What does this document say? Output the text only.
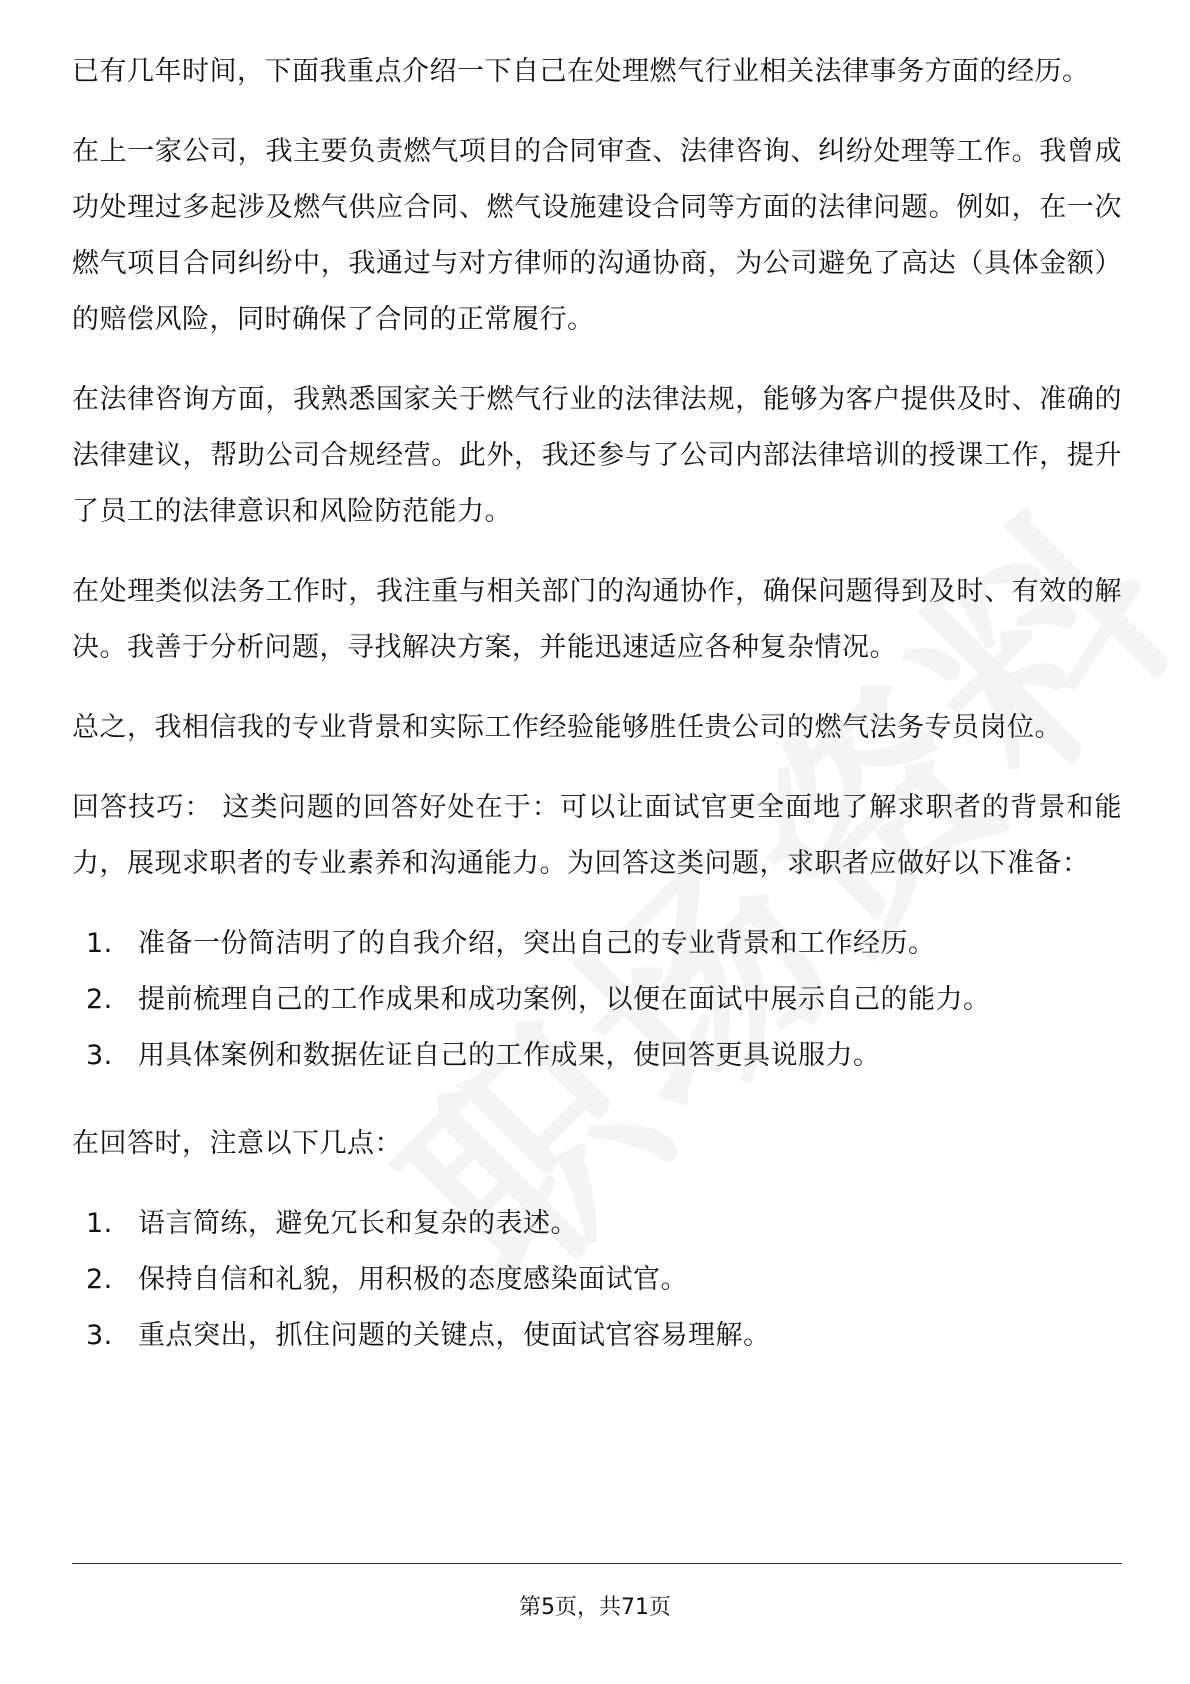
已有几年时间，下面我重点介绍一下自己在处理燃气行业相关法律事务方面的经历。

在上一家公司，我主要负责燃气项目的合同审查、法律咨询、纠纷处理等工作。我曾成功处理过多起涉及燃气供应合同、燃气设施建设合同等方面的法律问题。例如，在一次燃气项目合同纠纷中，我通过与对方律师的沟通协商，为公司避免了高达（具体金额）的赔偿风险，同时确保了合同的正常履行。

在法律咨询方面，我熟悉国家关于燃气行业的法律法规，能够为客户提供及时、准确的法律建议，帮助公司合规经营。此外，我还参与了公司内部法律培训的授课工作，提升了员工的法律意识和风险防范能力。

在处理类似法务工作时，我注重与相关部门的沟通协作，确保问题得到及时、有效的解决。我善于分析问题，寻找解决方案，并能迅速适应各种复杂情况。

总之，我相信我的专业背景和实际工作经验能够胜任贵公司的燃气法务专员岗位。

回答技巧： 这类问题的回答好处在于：可以让面试官更全面地了解求职者的背景和能力，展现求职者的专业素养和沟通能力。为回答这类问题，求职者应做好以下准备：

1. 准备一份简洁明了的自我介绍，突出自己的专业背景和工作经历。
2. 提前梳理自己的工作成果和成功案例，以便在面试中展示自己的能力。
3. 用具体案例和数据佐证自己的工作成果，使回答更具说服力。

在回答时，注意以下几点：

1. 语言简练，避免冗长和复杂的表述。
2. 保持自信和礼貌，用积极的态度感染面试官。
3. 重点突出，抓住问题的关键点，使面试官容易理解。
第5页，共71页
